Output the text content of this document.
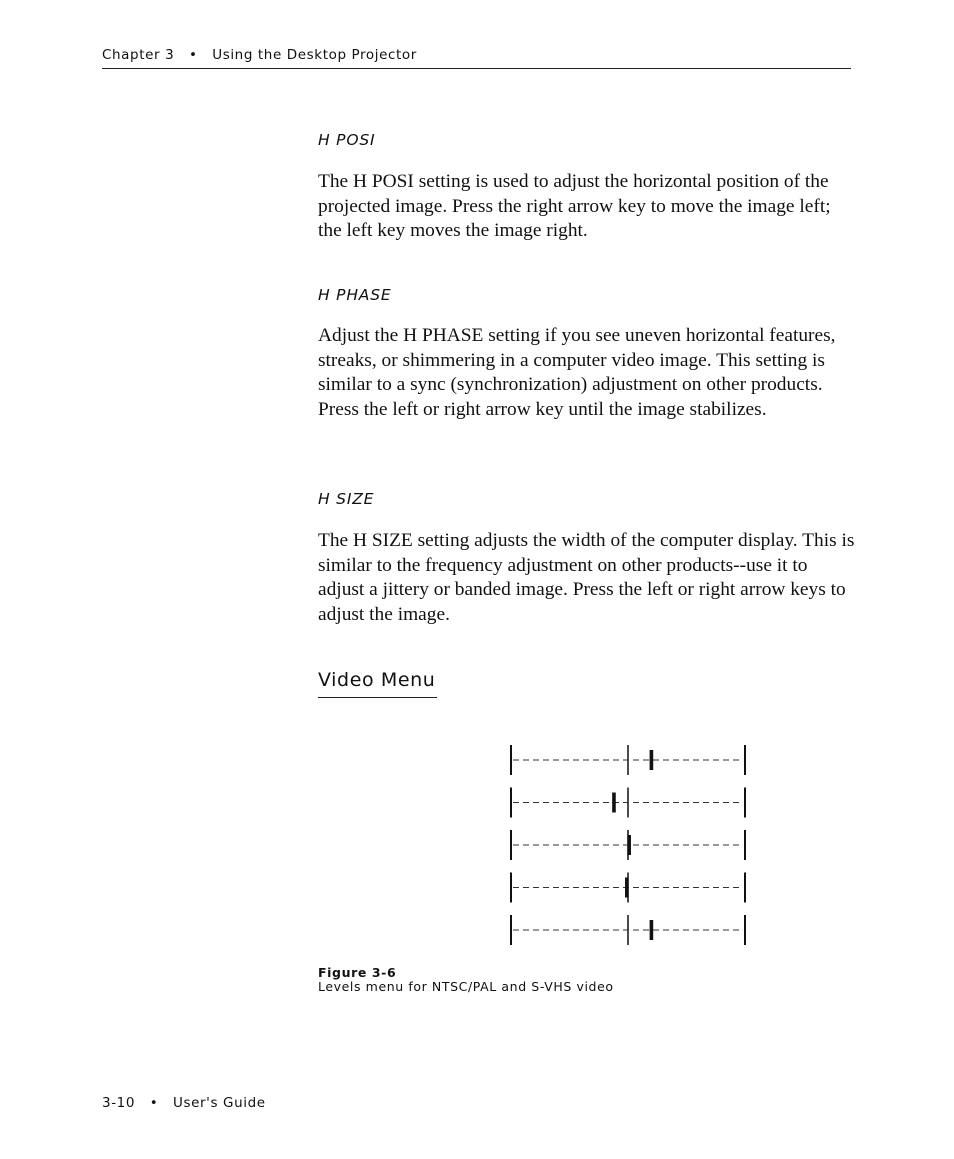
Chapter 3 • Using the Desktop Projector
H POSI

The H POSI setting is used to adjust the horizontal position of the projected image. Press the right arrow key to move the image left; the left key moves the image right.

H PHASE

Adjust the H PHASE setting if you see uneven horizontal features, streaks, or shimmering in a computer video image. This setting is similar to a sync (synchronization) adjustment on other products. Press the left or right arrow key until the image stabilizes.

H SIZE

The H SIZE setting adjusts the width of the computer display. This is similar to the frequency adjustment on other products--use it to adjust a jittery or banded image. Press the left or right arrow keys to adjust the image.

Video Menu
Figure 3-6
Levels menu for NTSC/PAL and S-VHS video
3-10 • User's Guide
